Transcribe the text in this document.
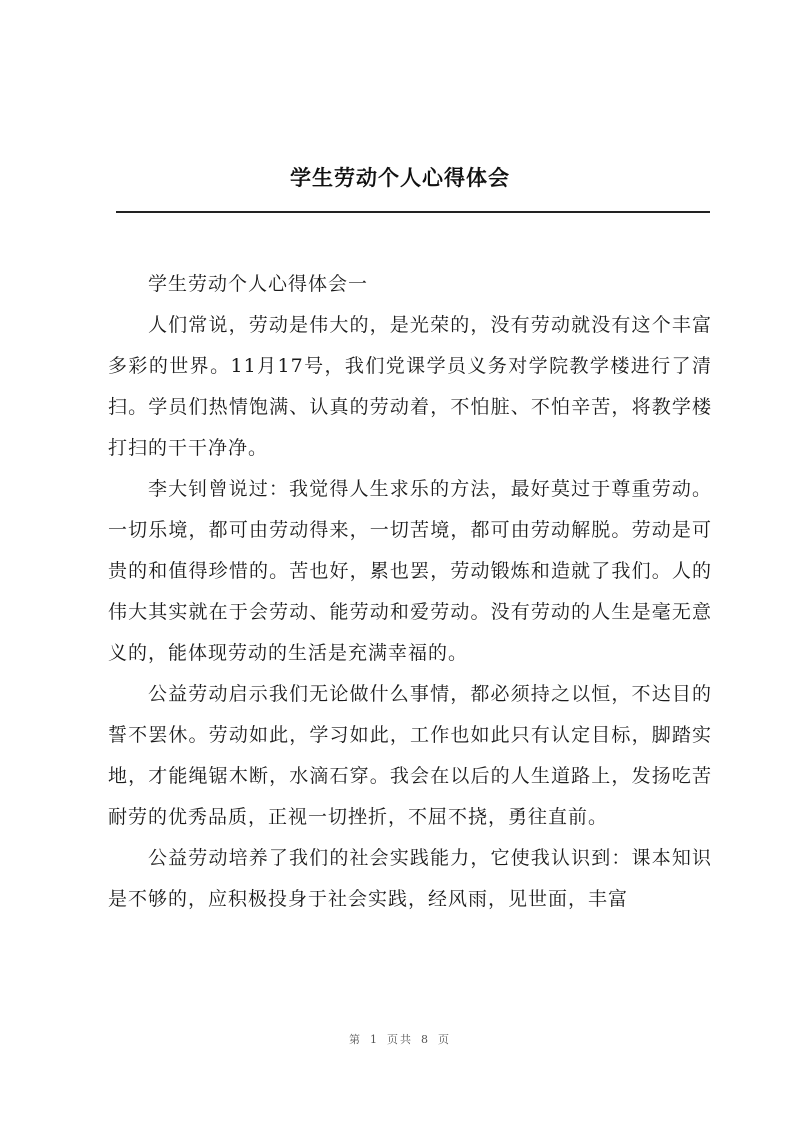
学生劳动个人心得体会

学生劳动个人心得体会一

人们常说，劳动是伟大的，是光荣的，没有劳动就没有这个丰富多彩的世界。11月17号，我们党课学员义务对学院教学楼进行了清扫。学员们热情饱满、认真的劳动着，不怕脏、不怕辛苦，将教学楼打扫的干干净净。

李大钊曾说过：我觉得人生求乐的方法，最好莫过于尊重劳动。一切乐境，都可由劳动得来，一切苦境，都可由劳动解脱。劳动是可贵的和值得珍惜的。苦也好，累也罢，劳动锻炼和造就了我们。人的伟大其实就在于会劳动、能劳动和爱劳动。没有劳动的人生是毫无意义的，能体现劳动的生活是充满幸福的。

公益劳动启示我们无论做什么事情，都必须持之以恒，不达目的誓不罢休。劳动如此，学习如此，工作也如此只有认定目标，脚踏实地，才能绳锯木断，水滴石穿。我会在以后的人生道路上，发扬吃苦耐劳的优秀品质，正视一切挫折，不屈不挠，勇往直前。

公益劳动培养了我们的社会实践能力，它使我认识到：课本知识是不够的，应积极投身于社会实践，经风雨，见世面，丰富

第 1 页共 8 页
